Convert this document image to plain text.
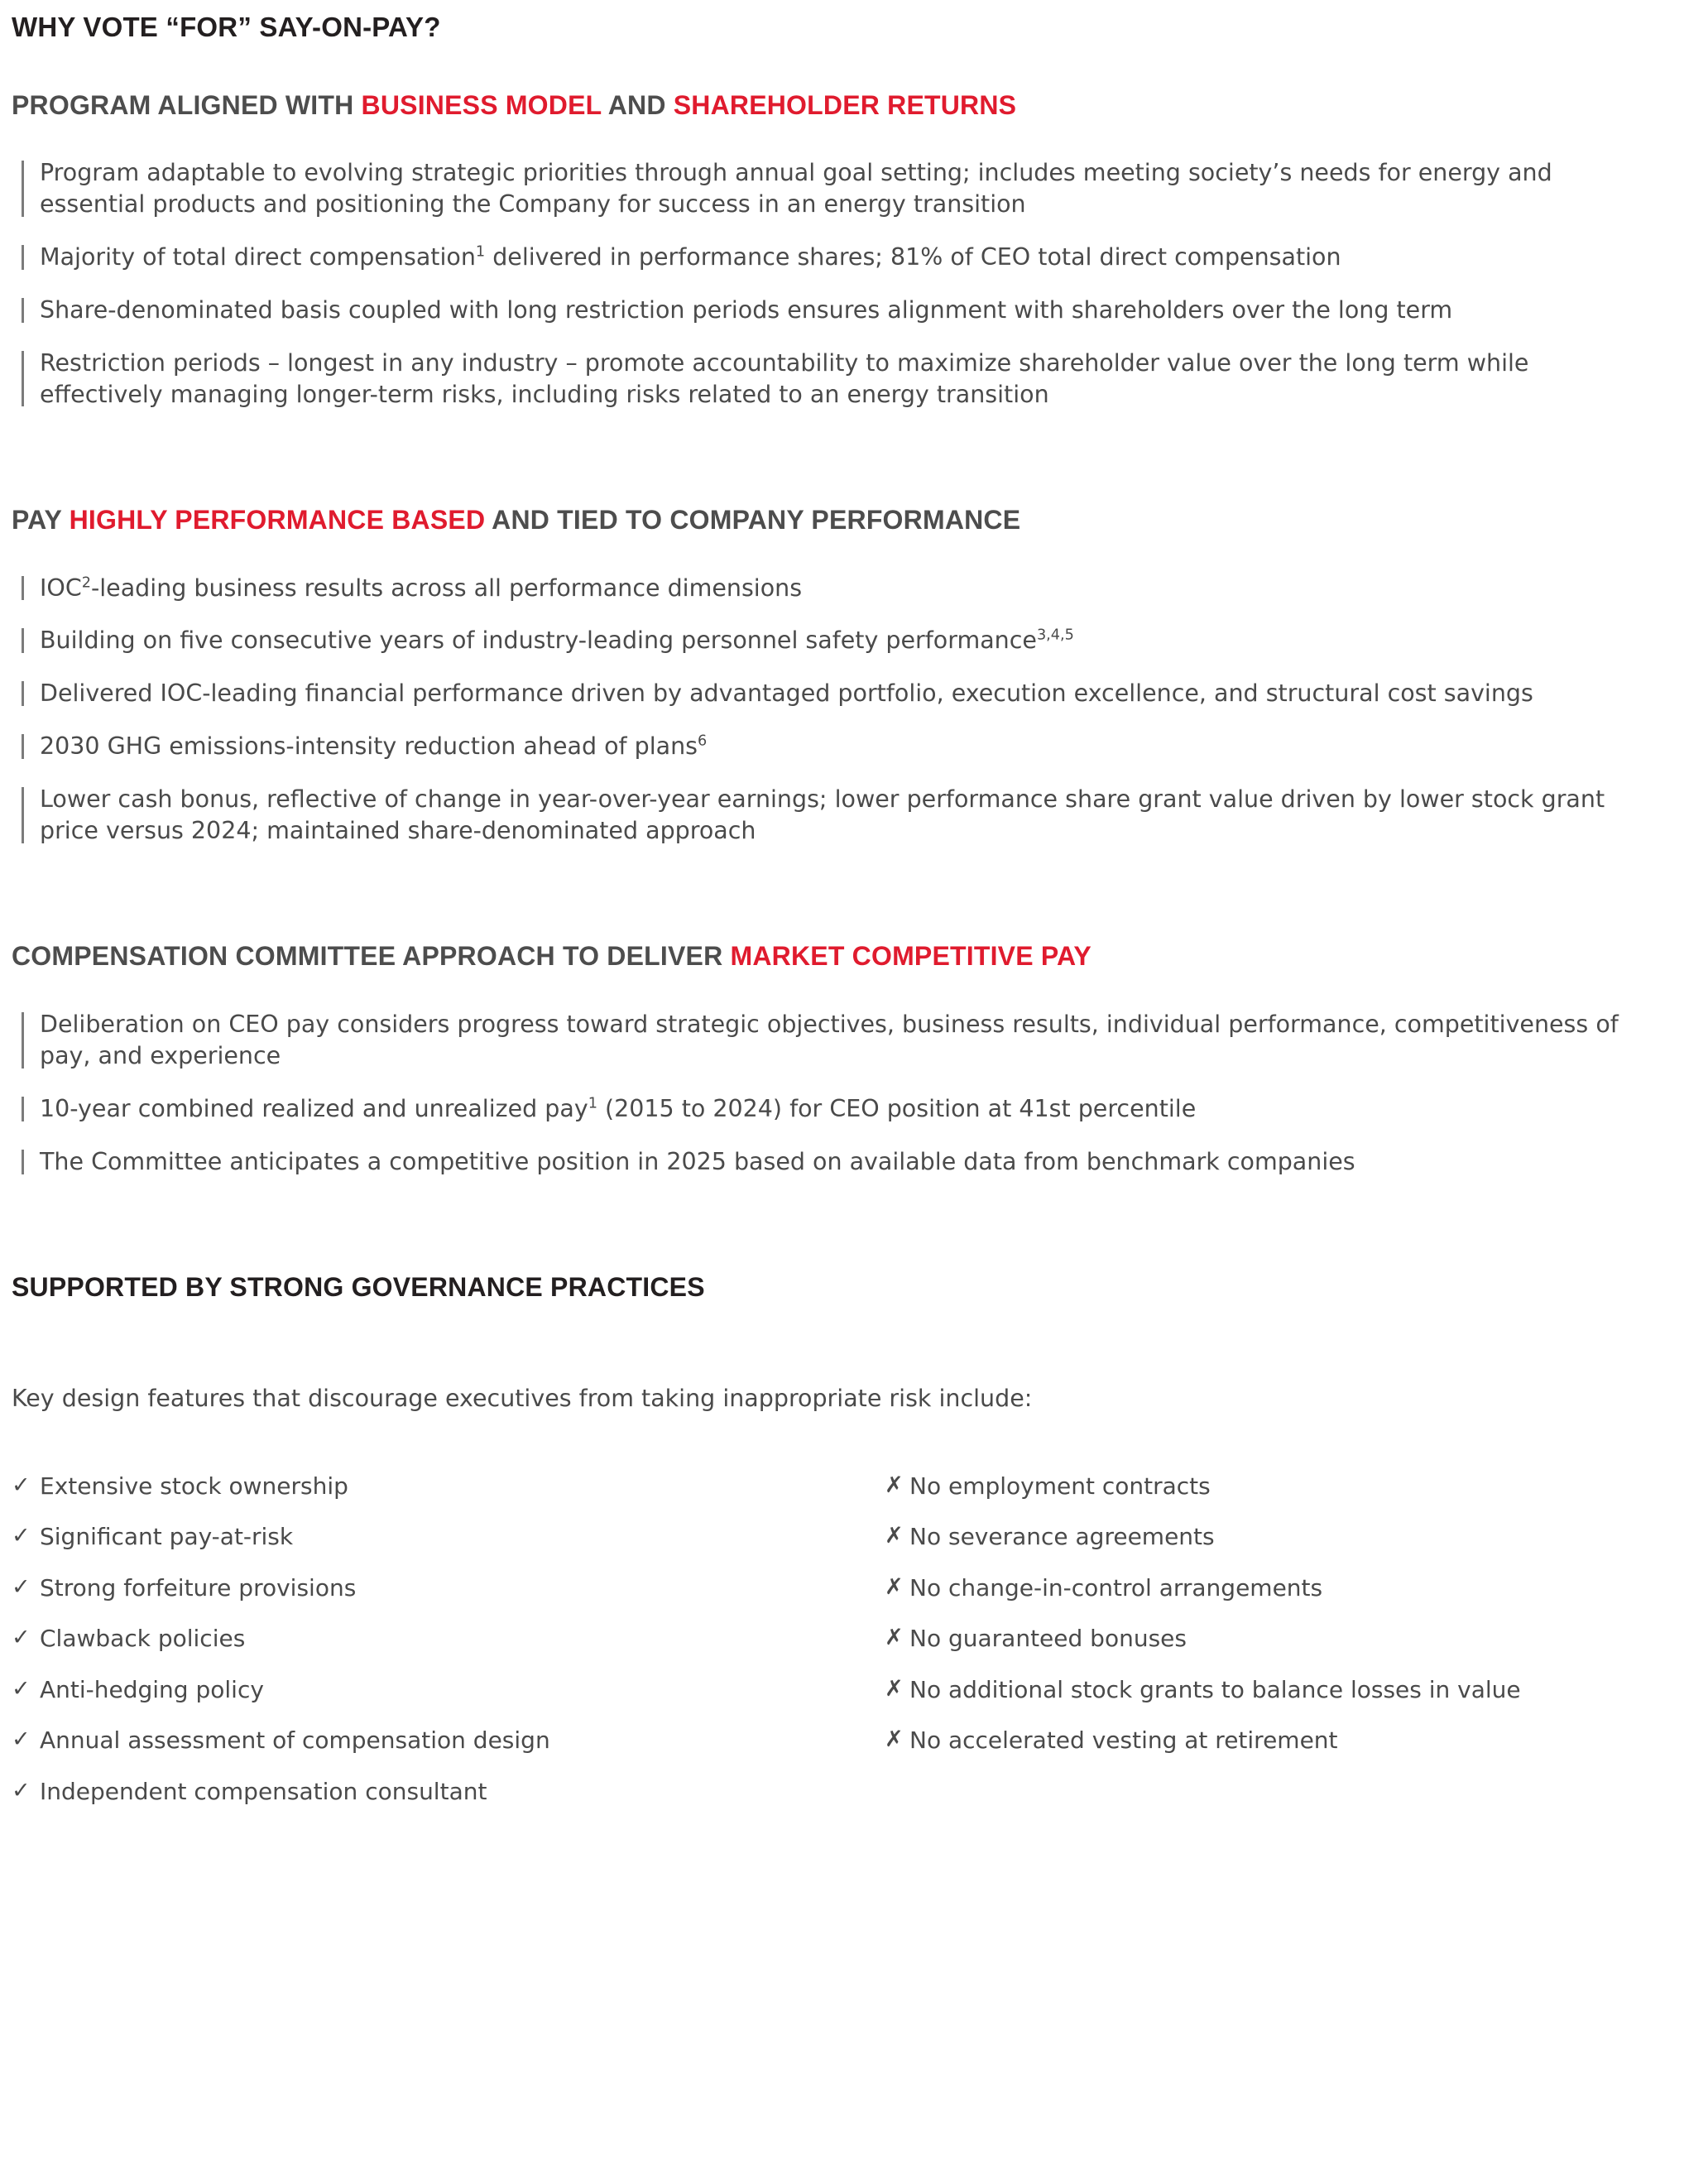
WHY VOTE “FOR” SAY-ON-PAY?
PROGRAM ALIGNED WITH BUSINESS MODEL AND SHAREHOLDER RETURNS
Program adaptable to evolving strategic priorities through annual goal setting; includes meeting society’s needs for energy and essential products and positioning the Company for success in an energy transition
Majority of total direct compensation$^1$ delivered in performance shares; 81% of CEO total direct compensation
Share-denominated basis coupled with long restriction periods ensures alignment with shareholders over the long term
Restriction periods – longest in any industry – promote accountability to maximize shareholder value over the long term while effectively managing longer-term risks, including risks related to an energy transition
PAY HIGHLY PERFORMANCE BASED AND TIED TO COMPANY PERFORMANCE
IOC$^2$-leading business results across all performance dimensions
Building on five consecutive years of industry-leading personnel safety performance$^{3,4,5}$
Delivered IOC-leading financial performance driven by advantaged portfolio, execution excellence, and structural cost savings
2030 GHG emissions-intensity reduction ahead of plans$^6$
Lower cash bonus, reflective of change in year-over-year earnings; lower performance share grant value driven by lower stock grant price versus 2024; maintained share-denominated approach
COMPENSATION COMMITTEE APPROACH TO DELIVER MARKET COMPETITIVE PAY
Deliberation on CEO pay considers progress toward strategic objectives, business results, individual performance, competitiveness of pay, and experience
10-year combined realized and unrealized pay$^1$ (2015 to 2024) for CEO position at 41st percentile
The Committee anticipates a competitive position in 2025 based on available data from benchmark companies
SUPPORTED BY STRONG GOVERNANCE PRACTICES
Key design features that discourage executives from taking inappropriate risk include:
✓ Extensive stock ownership
✓ Significant pay-at-risk
✓ Strong forfeiture provisions
✓ Clawback policies
✓ Anti-hedging policy
✓ Annual assessment of compensation design
✓ Independent compensation consultant
✗ No employment contracts
✗ No severance agreements
✗ No change-in-control arrangements
✗ No guaranteed bonuses
✗ No additional stock grants to balance losses in value
✗ No accelerated vesting at retirement
